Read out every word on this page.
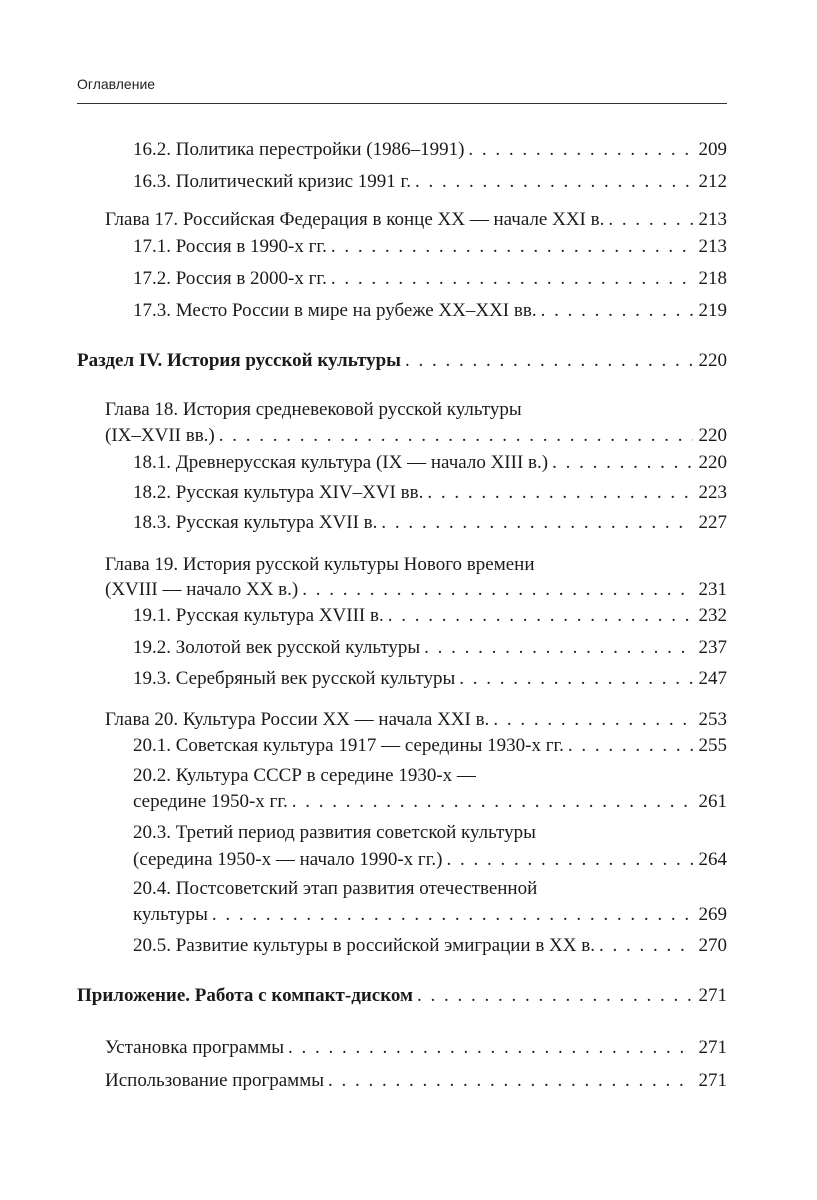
Оглавление
16.2. Политика перестройки (1986–1991) . . .	209
16.3. Политический кризис 1991 г. . . .	212
Глава 17. Российская Федерация в конце XX — начале XXI в. . . .	213
17.1. Россия в 1990-х гг. . . .	213
17.2. Россия в 2000-х гг. . . .	218
17.3. Место России в мире на рубеже XX–XXI вв. . . .	219
Раздел IV. История русской культуры . . .	220
Глава 18. История средневековой русской культуры
(IX–XVII вв.) . . .	220
18.1. Древнерусская культура (IX — начало XIII в.) . . .	220
18.2. Русская культура XIV–XVI вв. . . .	223
18.3. Русская культура XVII в. . . .	227
Глава 19. История русской культуры Нового времени
(XVIII — начало XX в.) . . .	231
19.1. Русская культура XVIII в. . . .	232
19.2. Золотой век русской культуры . . .	237
19.3. Серебряный век русской культуры . . .	247
Глава 20. Культура России XX — начала XXI в. . . .	253
20.1. Советская культура 1917 — середины 1930-х гг. . . .	255
20.2. Культура СССР в середине 1930-х —
середине 1950-х гг. . . .	261
20.3. Третий период развития советской культуры
(середина 1950-х — начало 1990-х гг.) . . .	264
20.4. Постсоветский этап развития отечественной
культуры . . .	269
20.5. Развитие культуры в российской эмиграции в XX в. . . .	270
Приложение. Работа с компакт-диском . . .	271
Установка программы . . .	271
Использование программы . . .	271
